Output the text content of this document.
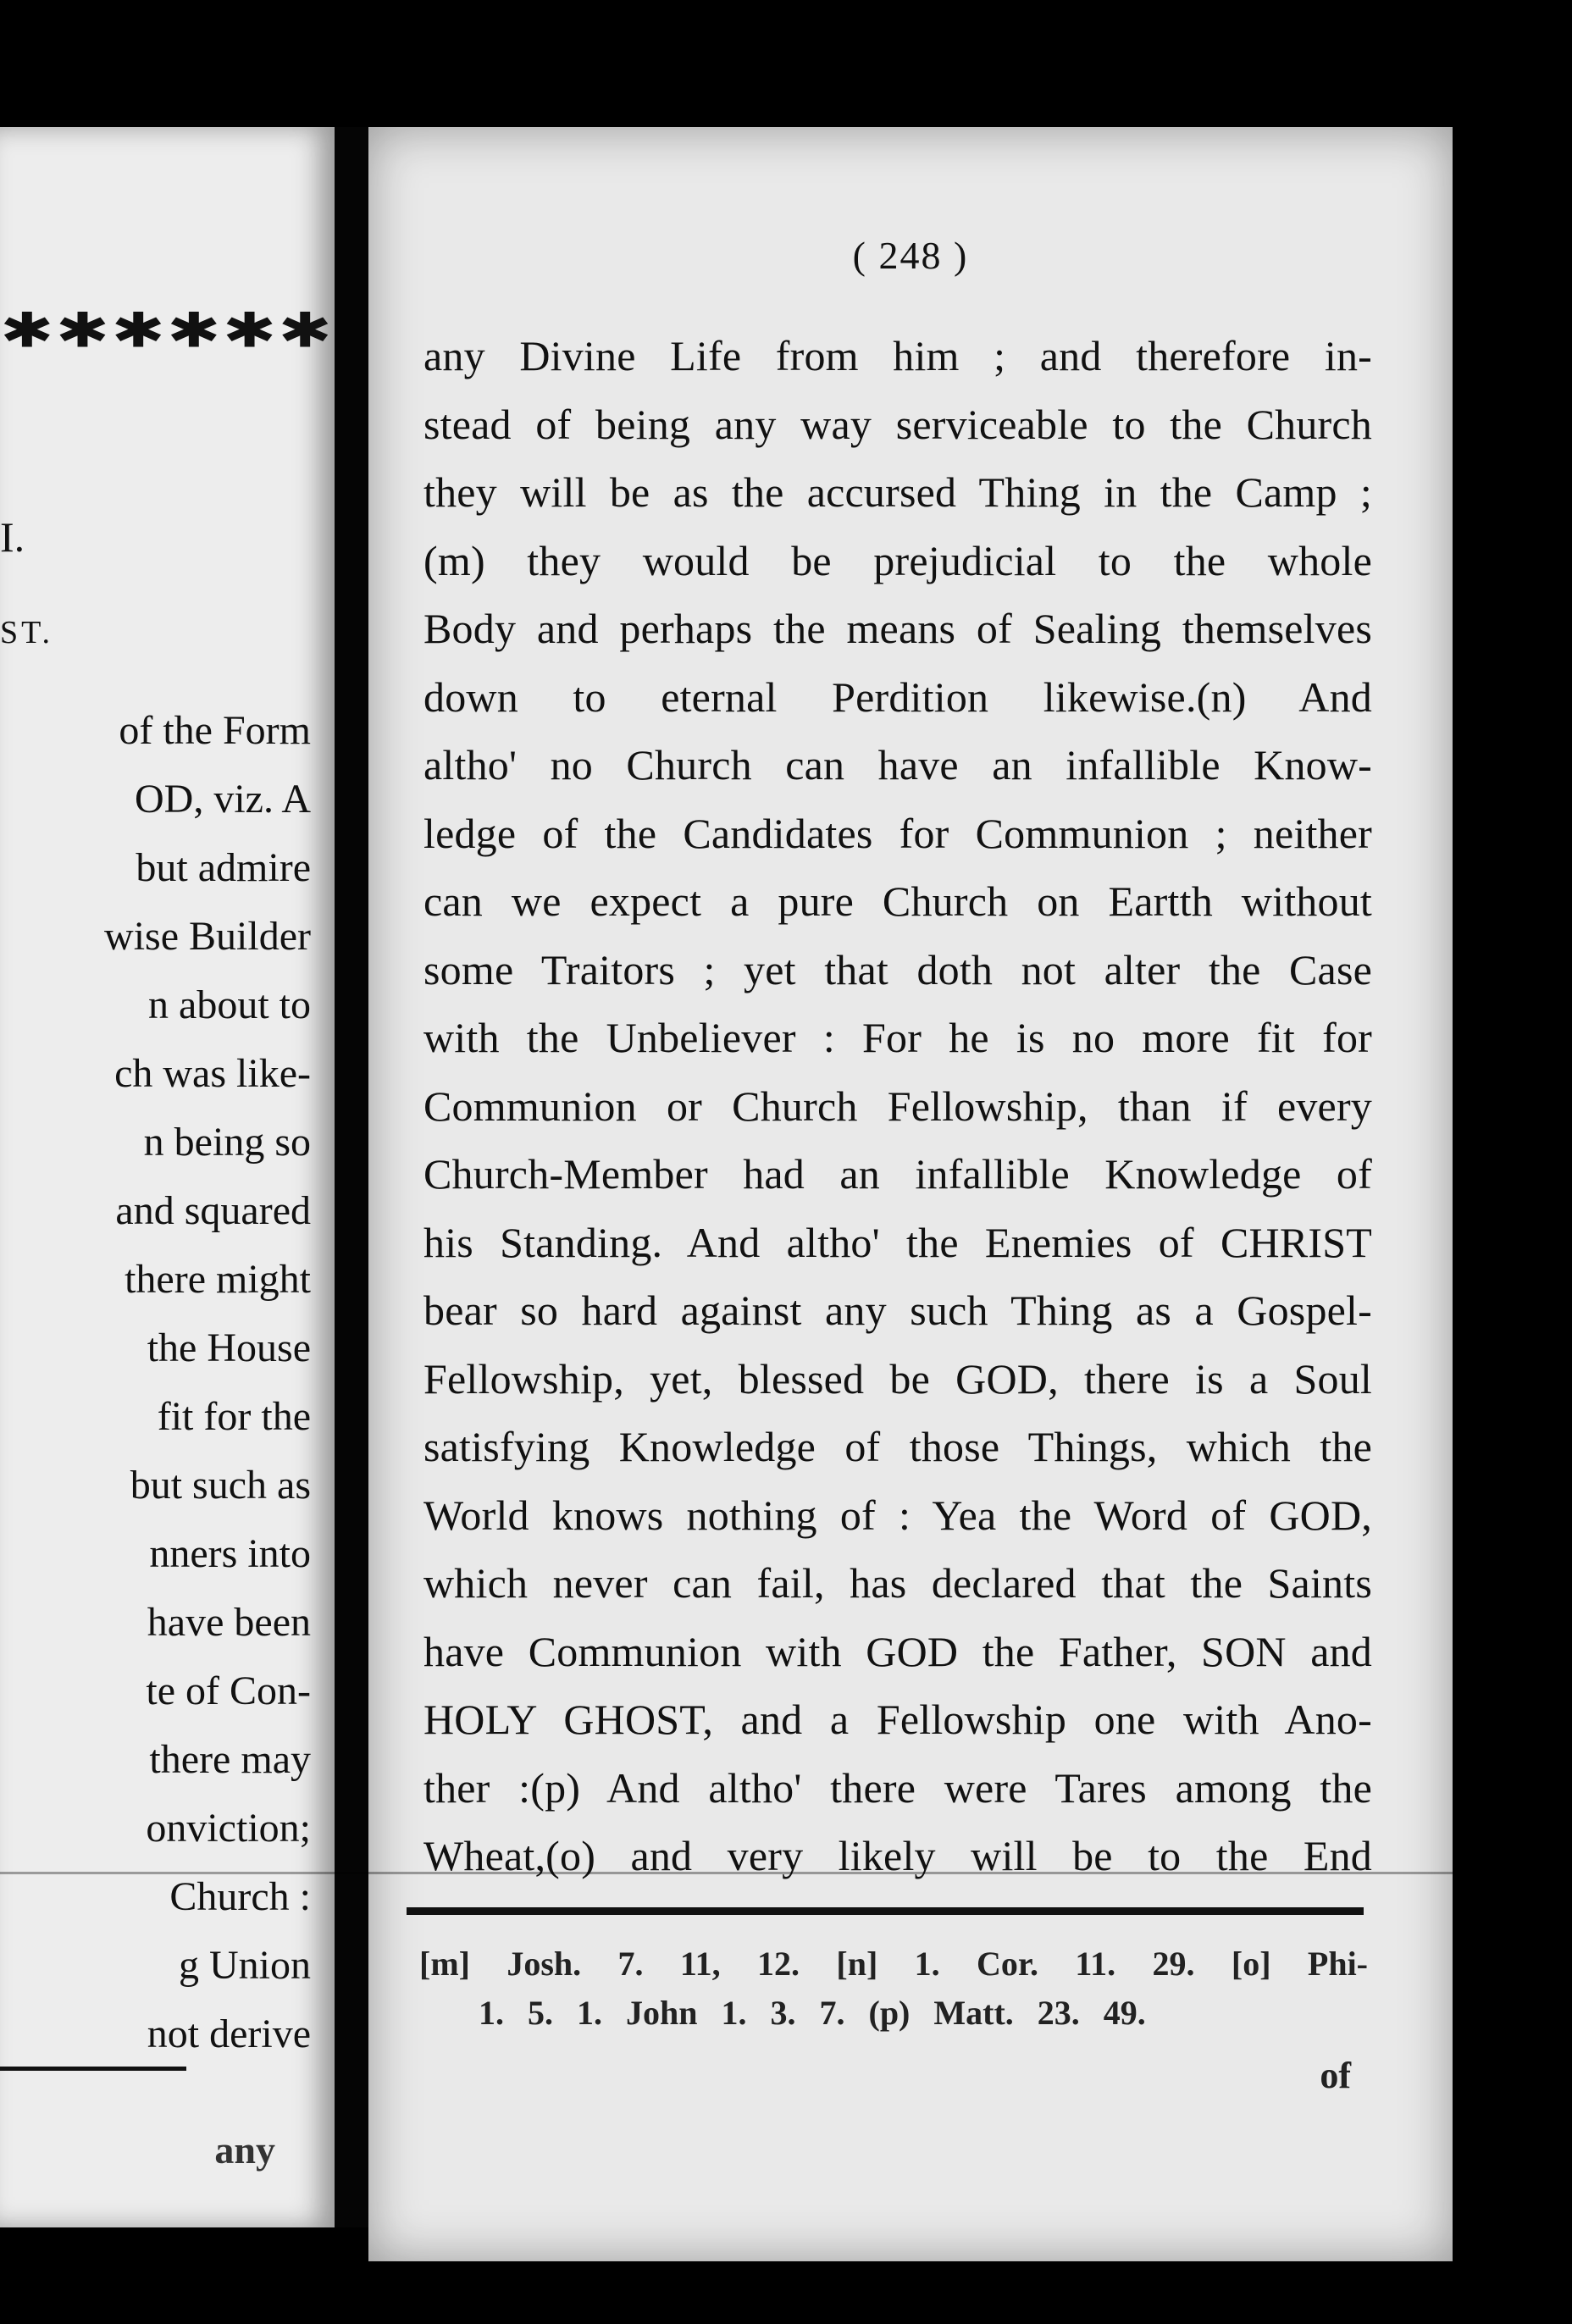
✱✱✱✱✱✱
I.
ST.
of the Form
OD, viz. A
but admire
wise Builder
n about to
ch was like-
n being so
and squared
there might
the House
fit for the
but such as
nners into
have been
te of Con-
there may
onviction;
Church :
g Union
not derive
any
( 248 )
any Divine Life from him ; and therefore in-
stead of being any way serviceable to the Church
they will be as the accursed Thing in the Camp ;
(m) they would be prejudicial to the whole
Body and perhaps the means of Sealing themselves
down to eternal Perdition likewise.(n) And
altho' no Church can have an infallible Know-
ledge of the Candidates for Communion ; neither
can we expect a pure Church on Eartth without
some Traitors ; yet that doth not alter the Case
with the Unbeliever : For he is no more fit for
Communion or Church Fellowship, than if every
Church-Member had an infallible Knowledge of
his Standing. And altho' the Enemies of CHRIST
bear so hard against any such Thing as a Gospel-
Fellowship, yet, blessed be GOD, there is a Soul
satisfying Knowledge of those Things, which the
World knows nothing of : Yea the Word of GOD,
which never can fail, has declared that the Saints
have Communion with GOD the Father, SON and
HOLY GHOST, and a Fellowship one with Ano-
ther :(p) And altho' there were Tares among the
Wheat,(o) and very likely will be to the End
[m] Josh. 7. 11, 12. [n] 1. Cor. 11. 29. [o] Phi-
1. 5. 1. John 1. 3. 7. (p) Matt. 23. 49.
of
